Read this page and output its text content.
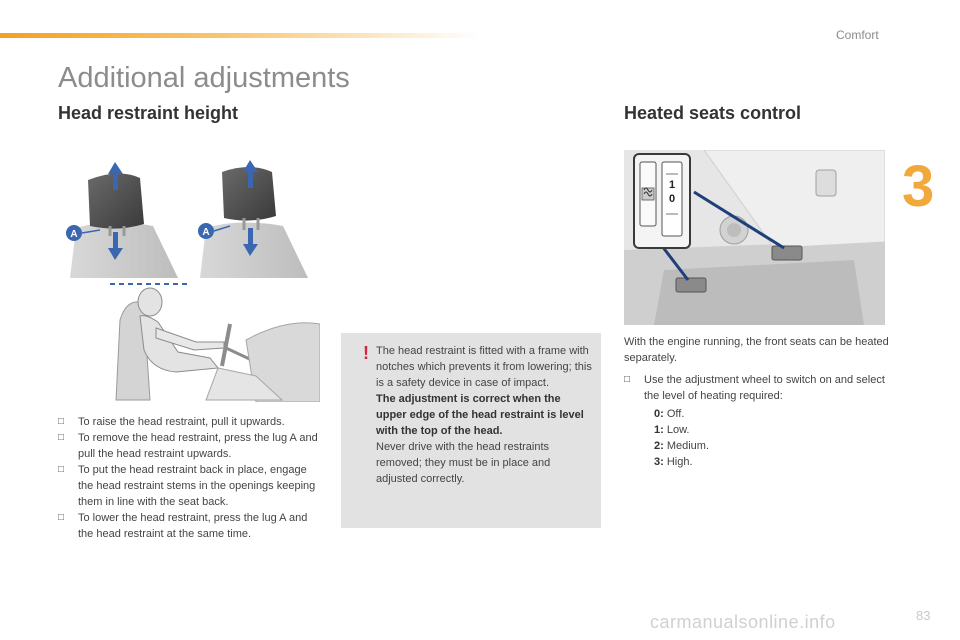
Comfort
3
Additional adjustments
Head restraint height	Heated seats control
A	A
□ To raise the head restraint, pull it upwards.
□ To remove the head restraint, press the lug A and pull the head restraint upwards.
□ To put the head restraint back in place, engage the head restraint stems in the openings keeping them in line with the seat back.
□ To lower the head restraint, press the lug A and the head restraint at the same time.
! The head restraint is fitted with a frame with notches which prevents it from lowering; this is a safety device in case of impact.
The adjustment is correct when the upper edge of the head restraint is level with the top of the head.
Never drive with the head restraints removed; they must be in place and adjusted correctly.
1
0
With the engine running, the front seats can be heated separately.
□ Use the adjustment wheel to switch on and select the level of heating required:
0: Off.
1: Low.
2: Medium.
3: High.
83
carmanualsonline.info
